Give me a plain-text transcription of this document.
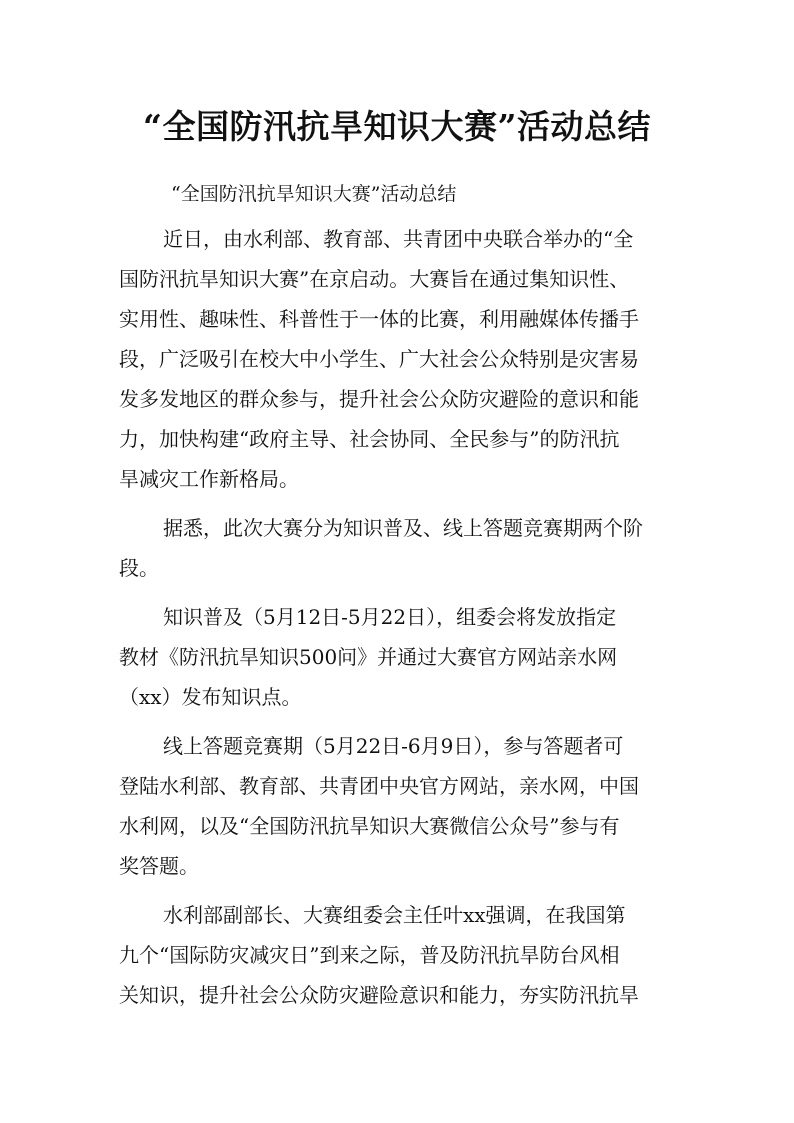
“全国防汛抗旱知识大赛”活动总结

“全国防汛抗旱知识大赛”活动总结

近日，由水利部、教育部、共青团中央联合举办的“全
国防汛抗旱知识大赛”在京启动。大赛旨在通过集知识性、
实用性、趣味性、科普性于一体的比赛，利用融媒体传播手
段，广泛吸引在校大中小学生、广大社会公众特别是灾害易
发多发地区的群众参与，提升社会公众防灾避险的意识和能
力，加快构建“政府主导、社会协同、全民参与”的防汛抗
旱减灾工作新格局。

据悉，此次大赛分为知识普及、线上答题竞赛期两个阶
段。

知识普及（5月12日-5月22日），组委会将发放指定
教材《防汛抗旱知识500问》并通过大赛官方网站亲水网
（xx）发布知识点。

线上答题竞赛期（5月22日-6月9日），参与答题者可
登陆水利部、教育部、共青团中央官方网站，亲水网，中国
水利网，以及“全国防汛抗旱知识大赛微信公众号”参与有
奖答题。

水利部副部长、大赛组委会主任叶xx强调，在我国第
九个“国际防灾减灾日”到来之际，普及防汛抗旱防台风相
关知识，提升社会公众防灾避险意识和能力，夯实防汛抗旱
